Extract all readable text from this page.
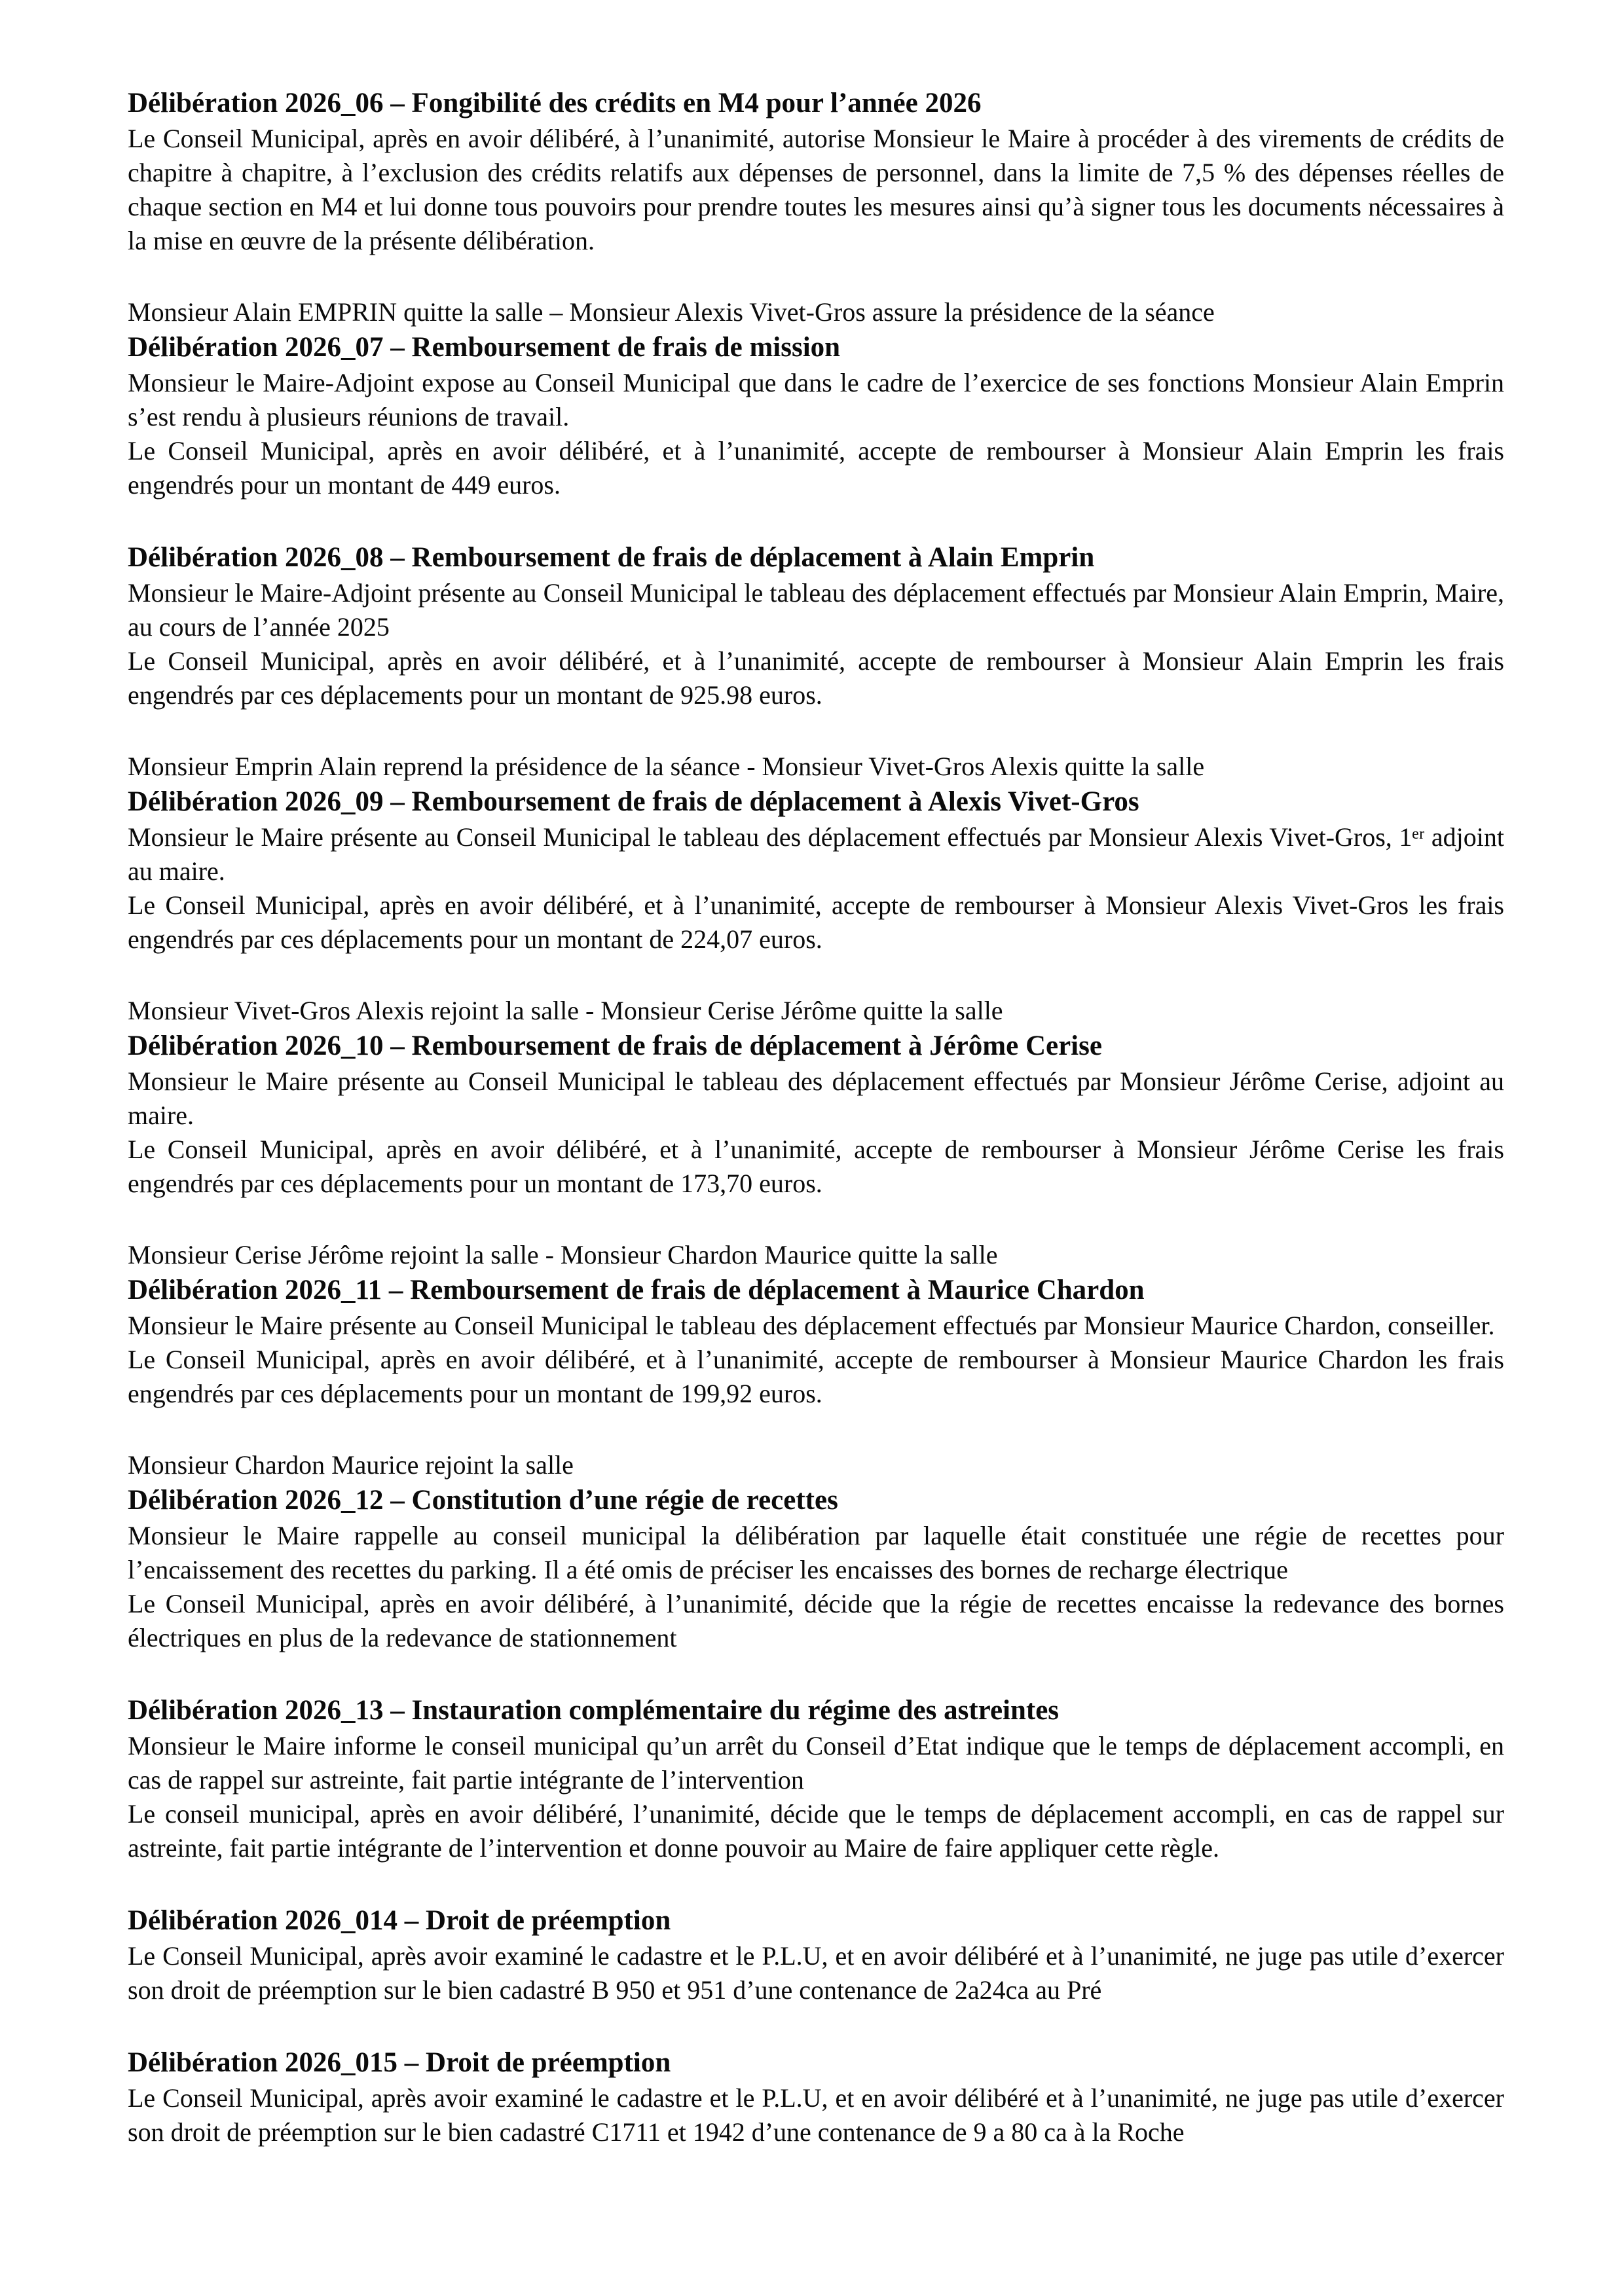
Délibération 2026_06 – Fongibilité des crédits en M4 pour l’année 2026

Le Conseil Municipal, après en avoir délibéré, à l’unanimité, autorise Monsieur le Maire à procéder à des virements de crédits de chapitre à chapitre, à l’exclusion des crédits relatifs aux dépenses de personnel, dans la limite de 7,5 % des dépenses réelles de chaque section en M4 et lui donne tous pouvoirs pour prendre toutes les mesures ainsi qu’à signer tous les documents nécessaires à la mise en œuvre de la présente délibération.

Monsieur Alain EMPRIN quitte la salle – Monsieur Alexis Vivet-Gros assure la présidence de la séance

Délibération 2026_07 – Remboursement de frais de mission

Monsieur le Maire-Adjoint expose au Conseil Municipal que dans le cadre de l’exercice de ses fonctions Monsieur Alain Emprin s’est rendu à plusieurs réunions de travail.

Le Conseil Municipal, après en avoir délibéré, et à l’unanimité, accepte de rembourser à Monsieur Alain Emprin les frais engendrés pour un montant de 449 euros.

Délibération 2026_08 – Remboursement de frais de déplacement à Alain Emprin

Monsieur le Maire-Adjoint présente au Conseil Municipal le tableau des déplacement effectués par Monsieur Alain Emprin, Maire, au cours de l’année 2025

Le Conseil Municipal, après en avoir délibéré, et à l’unanimité, accepte de rembourser à Monsieur Alain Emprin les frais engendrés par ces déplacements pour un montant de 925.98 euros.

Monsieur Emprin Alain reprend la présidence de la séance - Monsieur Vivet-Gros Alexis quitte la salle

Délibération 2026_09 – Remboursement de frais de déplacement à Alexis Vivet-Gros

Monsieur le Maire présente au Conseil Municipal le tableau des déplacement effectués par Monsieur Alexis Vivet-Gros, 1ᵉʳ adjoint au maire.

Le Conseil Municipal, après en avoir délibéré, et à l’unanimité, accepte de rembourser à Monsieur Alexis Vivet-Gros les frais engendrés par ces déplacements pour un montant de 224,07 euros.

Monsieur Vivet-Gros Alexis rejoint la salle - Monsieur Cerise Jérôme quitte la salle

Délibération 2026_10 – Remboursement de frais de déplacement à Jérôme Cerise

Monsieur le Maire présente au Conseil Municipal le tableau des déplacement effectués par Monsieur Jérôme Cerise, adjoint au maire.

Le Conseil Municipal, après en avoir délibéré, et à l’unanimité, accepte de rembourser à Monsieur Jérôme Cerise les frais engendrés par ces déplacements pour un montant de 173,70 euros.

Monsieur Cerise Jérôme rejoint la salle - Monsieur Chardon Maurice quitte la salle

Délibération 2026_11 – Remboursement de frais de déplacement à Maurice Chardon

Monsieur le Maire présente au Conseil Municipal le tableau des déplacement effectués par Monsieur Maurice Chardon, conseiller.

Le Conseil Municipal, après en avoir délibéré, et à l’unanimité, accepte de rembourser à Monsieur Maurice Chardon les frais engendrés par ces déplacements pour un montant de 199,92 euros.

Monsieur Chardon Maurice rejoint la salle

Délibération 2026_12 – Constitution d’une régie de recettes

Monsieur le Maire rappelle au conseil municipal la délibération par laquelle était constituée une régie de recettes pour l’encaissement des recettes du parking. Il a été omis de préciser les encaisses des bornes de recharge électrique

Le Conseil Municipal, après en avoir délibéré, à l’unanimité, décide que la régie de recettes encaisse la redevance des bornes électriques en plus de la redevance de stationnement

Délibération 2026_13 – Instauration complémentaire du régime des astreintes

Monsieur le Maire informe le conseil municipal qu’un arrêt du Conseil d’Etat indique que le temps de déplacement accompli, en cas de rappel sur astreinte, fait partie intégrante de l’intervention

Le conseil municipal, après en avoir délibéré, l’unanimité, décide que le temps de déplacement accompli, en cas de rappel sur astreinte, fait partie intégrante de l’intervention et donne pouvoir au Maire de faire appliquer cette règle.

Délibération 2026_014 – Droit de préemption

Le Conseil Municipal, après avoir examiné le cadastre et le P.L.U, et en avoir délibéré et à l’unanimité, ne juge pas utile d’exercer son droit de préemption sur le bien cadastré B 950 et 951 d’une contenance de 2a24ca au Pré

Délibération 2026_015 – Droit de préemption

Le Conseil Municipal, après avoir examiné le cadastre et le P.L.U, et en avoir délibéré et à l’unanimité, ne juge pas utile d’exercer son droit de préemption sur le bien cadastré C1711 et 1942 d’une contenance de 9 a 80 ca à la Roche
